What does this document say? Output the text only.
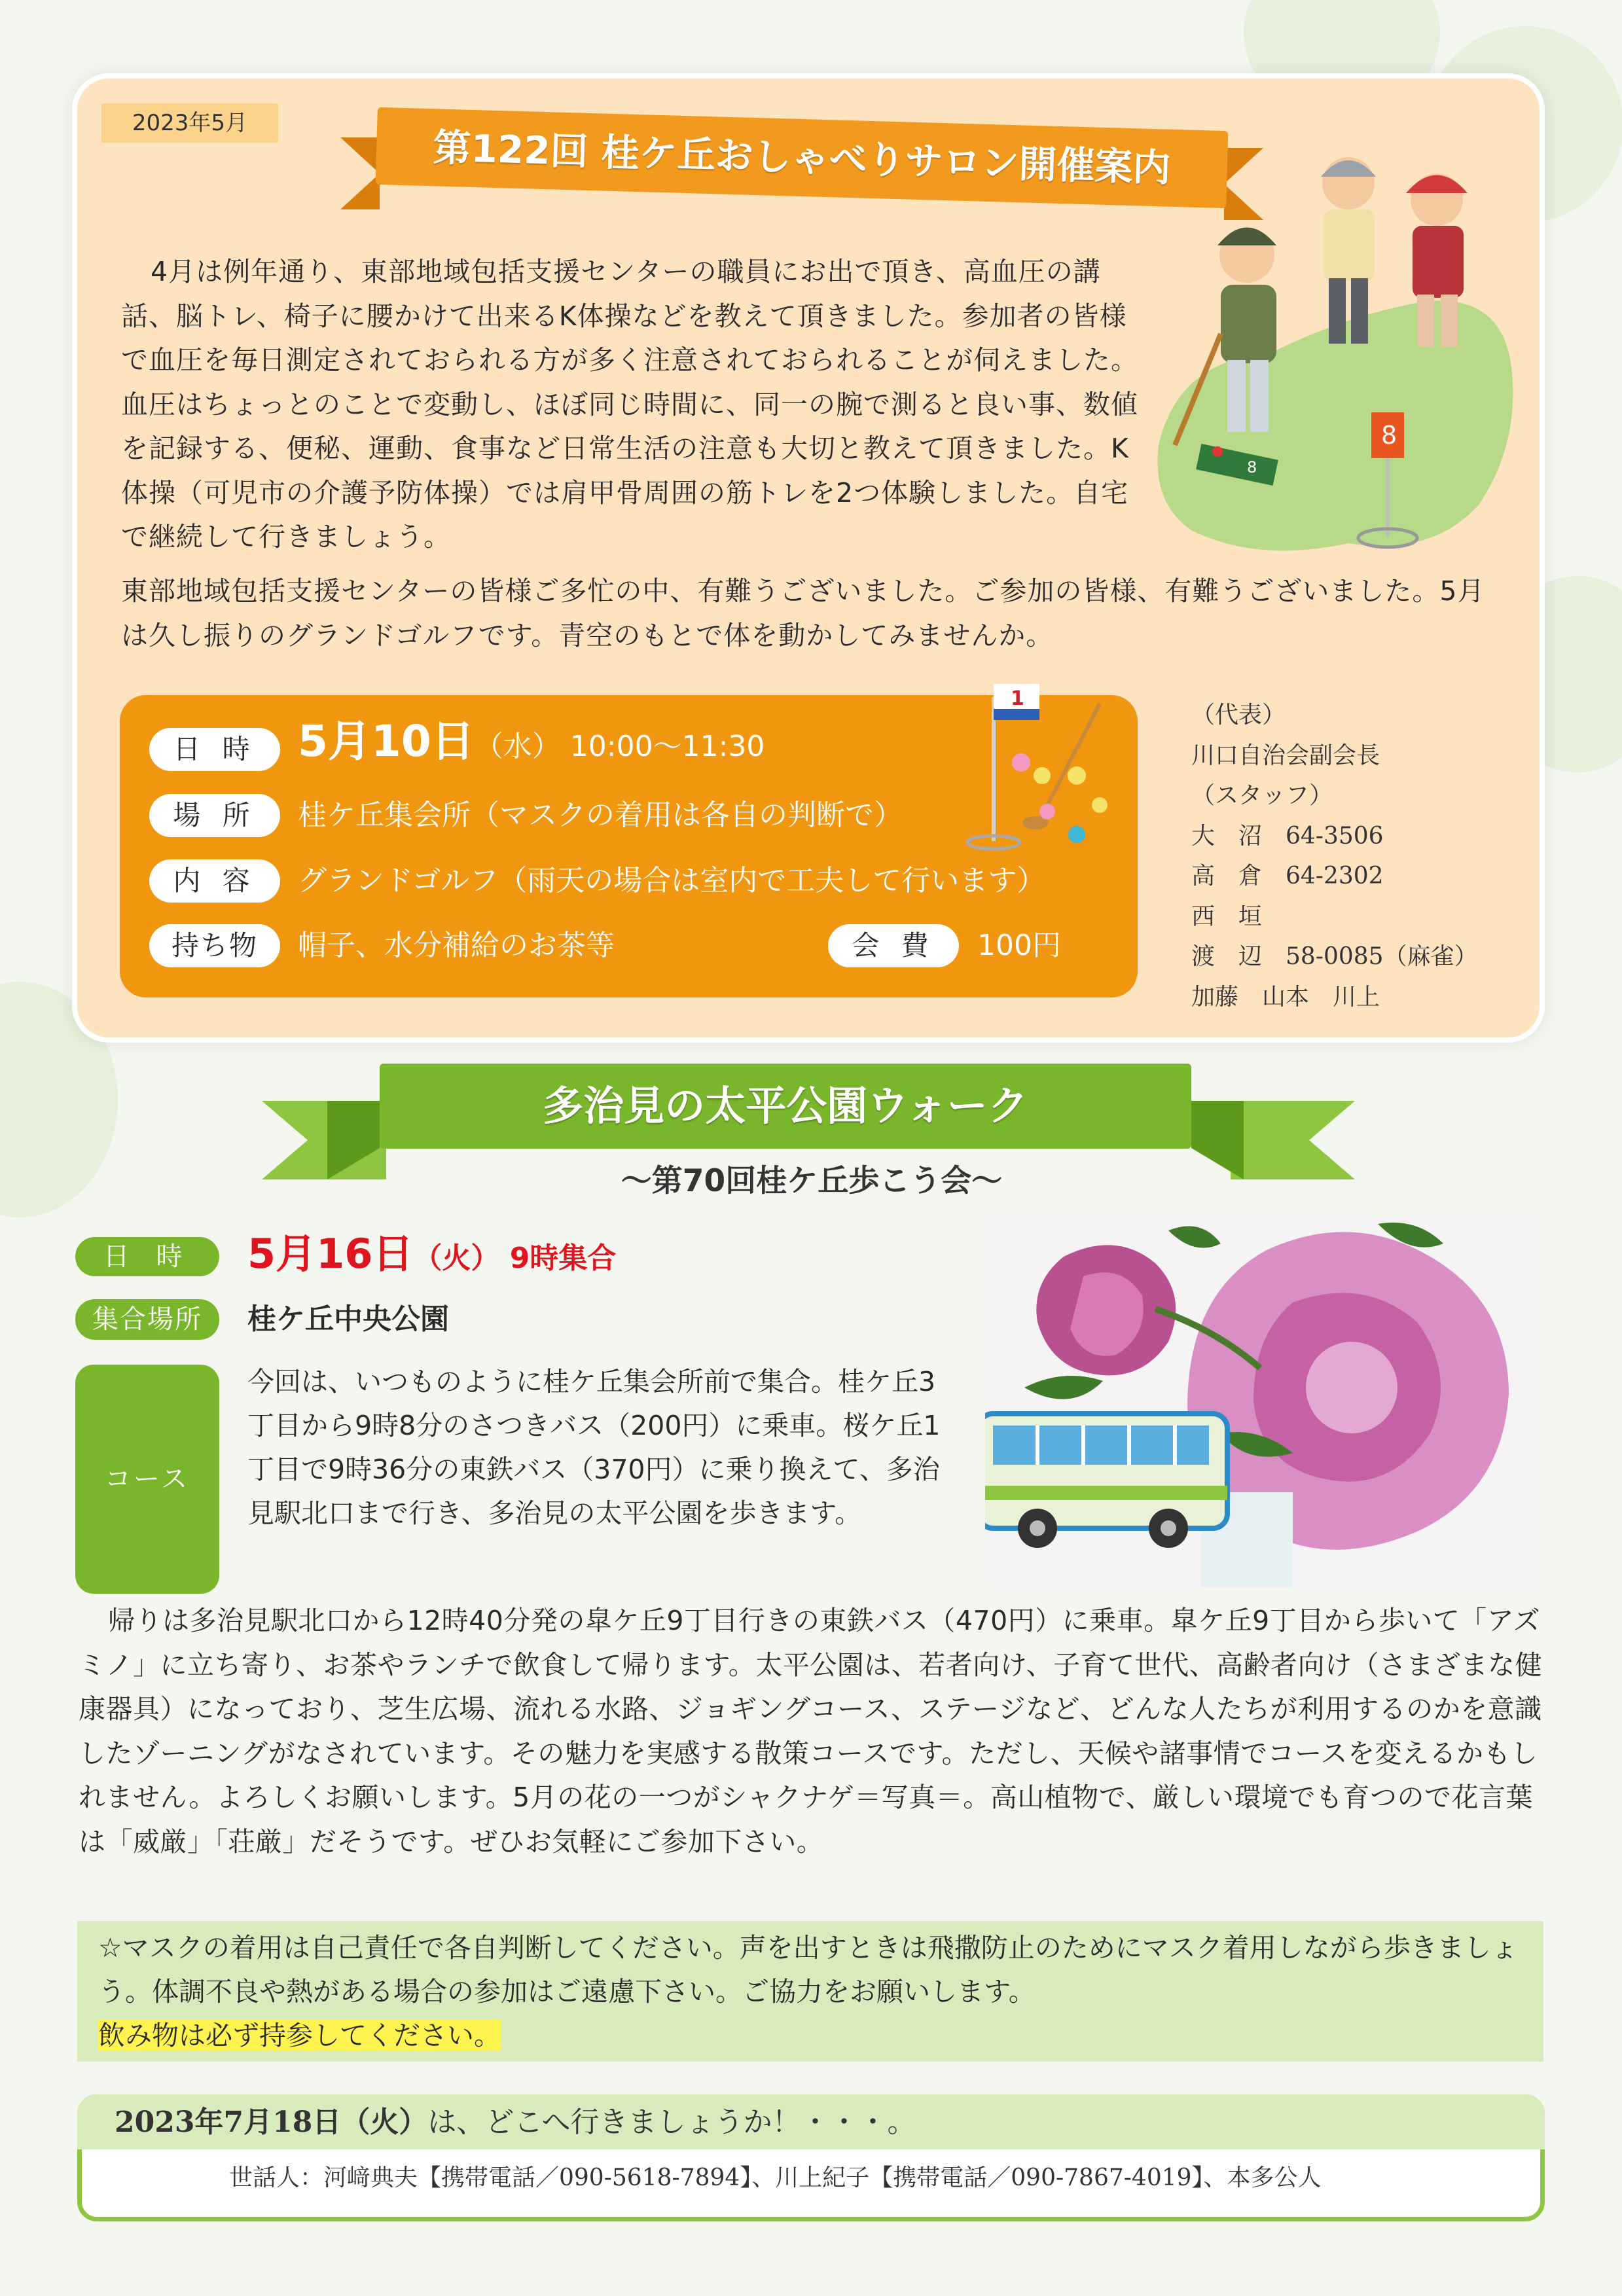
2023年5月
第122回 桂ケ丘おしゃべりサロン開催案内
4月は例年通り、東部地域包括支援センターの職員にお出で頂き、高血圧の講話、脳トレ、椅子に腰かけて出来るK体操などを教えて頂きました。参加者の皆様で血圧を毎日測定されておられる方が多く注意されておられることが伺えました。血圧はちょっとのことで変動し、ほぼ同じ時間に、同一の腕で測ると良い事、数値を記録する、便秘、運動、食事など日常生活の注意も大切と教えて頂きました。K体操（可児市の介護予防体操）では肩甲骨周囲の筋トレを2つ体験しました。自宅で継続して行きましょう。
東部地域包括支援センターの皆様ご多忙の中、有難うございました。ご参加の皆様、有難うございました。5月は久し振りのグランドゴルフです。青空のもとで体を動かしてみませんか。
8
8
日 時 5月10日（水） 10:00～11:30
場 所	桂ケ丘集会所（マスクの着用は各自の判断で）
内 容	グランドゴルフ（雨天の場合は室内で工夫して行います）
持ち物	帽子、水分補給のお茶等	会 費	100円
1
（代表）
川口自治会副会長
（スタッフ）
大　沼　64-3506
高　倉　64-2302
西　垣
渡　辺　58-0085（麻雀）
加藤　山本　川上
多治見の太平公園ウォーク
～第70回桂ケ丘歩こう会～
日 時	5月16日（火） 9時集合
集合場所	桂ケ丘中央公園
コース
今回は、いつものように桂ケ丘集会所前で集合。桂ケ丘3丁目から9時8分のさつきバス（200円）に乗車。桜ケ丘1丁目で9時36分の東鉄バス（370円）に乗り換えて、多治見駅北口まで行き、多治見の太平公園を歩きます。
帰りは多治見駅北口から12時40分発の皐ケ丘9丁目行きの東鉄バス（470円）に乗車。皐ケ丘9丁目から歩いて「アズミノ」に立ち寄り、お茶やランチで飲食して帰ります。太平公園は、若者向け、子育て世代、高齢者向け（さまざまな健康器具）になっており、芝生広場、流れる水路、ジョギングコース、ステージなど、どんな人たちが利用するのかを意識したゾーニングがなされています。その魅力を実感する散策コースです。ただし、天候や諸事情でコースを変えるかもしれません。よろしくお願いします。5月の花の一つがシャクナゲ＝写真＝。高山植物で、厳しい環境でも育つので花言葉は「威厳」「荘厳」だそうです。ぜひお気軽にご参加下さい。
☆マスクの着用は自己責任で各自判断してください。声を出すときは飛撒防止のためにマスク着用しながら歩きましょう。体調不良や熱がある場合の参加はご遠慮下さい。ご協力をお願いします。
飲み物は必ず持参してください。
2023年7月18日（火）は、どこへ行きましょうか！・・・。
世話人：河﨑典夫【携帯電話／090-5618-7894】、川上紀子【携帯電話／090-7867-4019】、本多公人
